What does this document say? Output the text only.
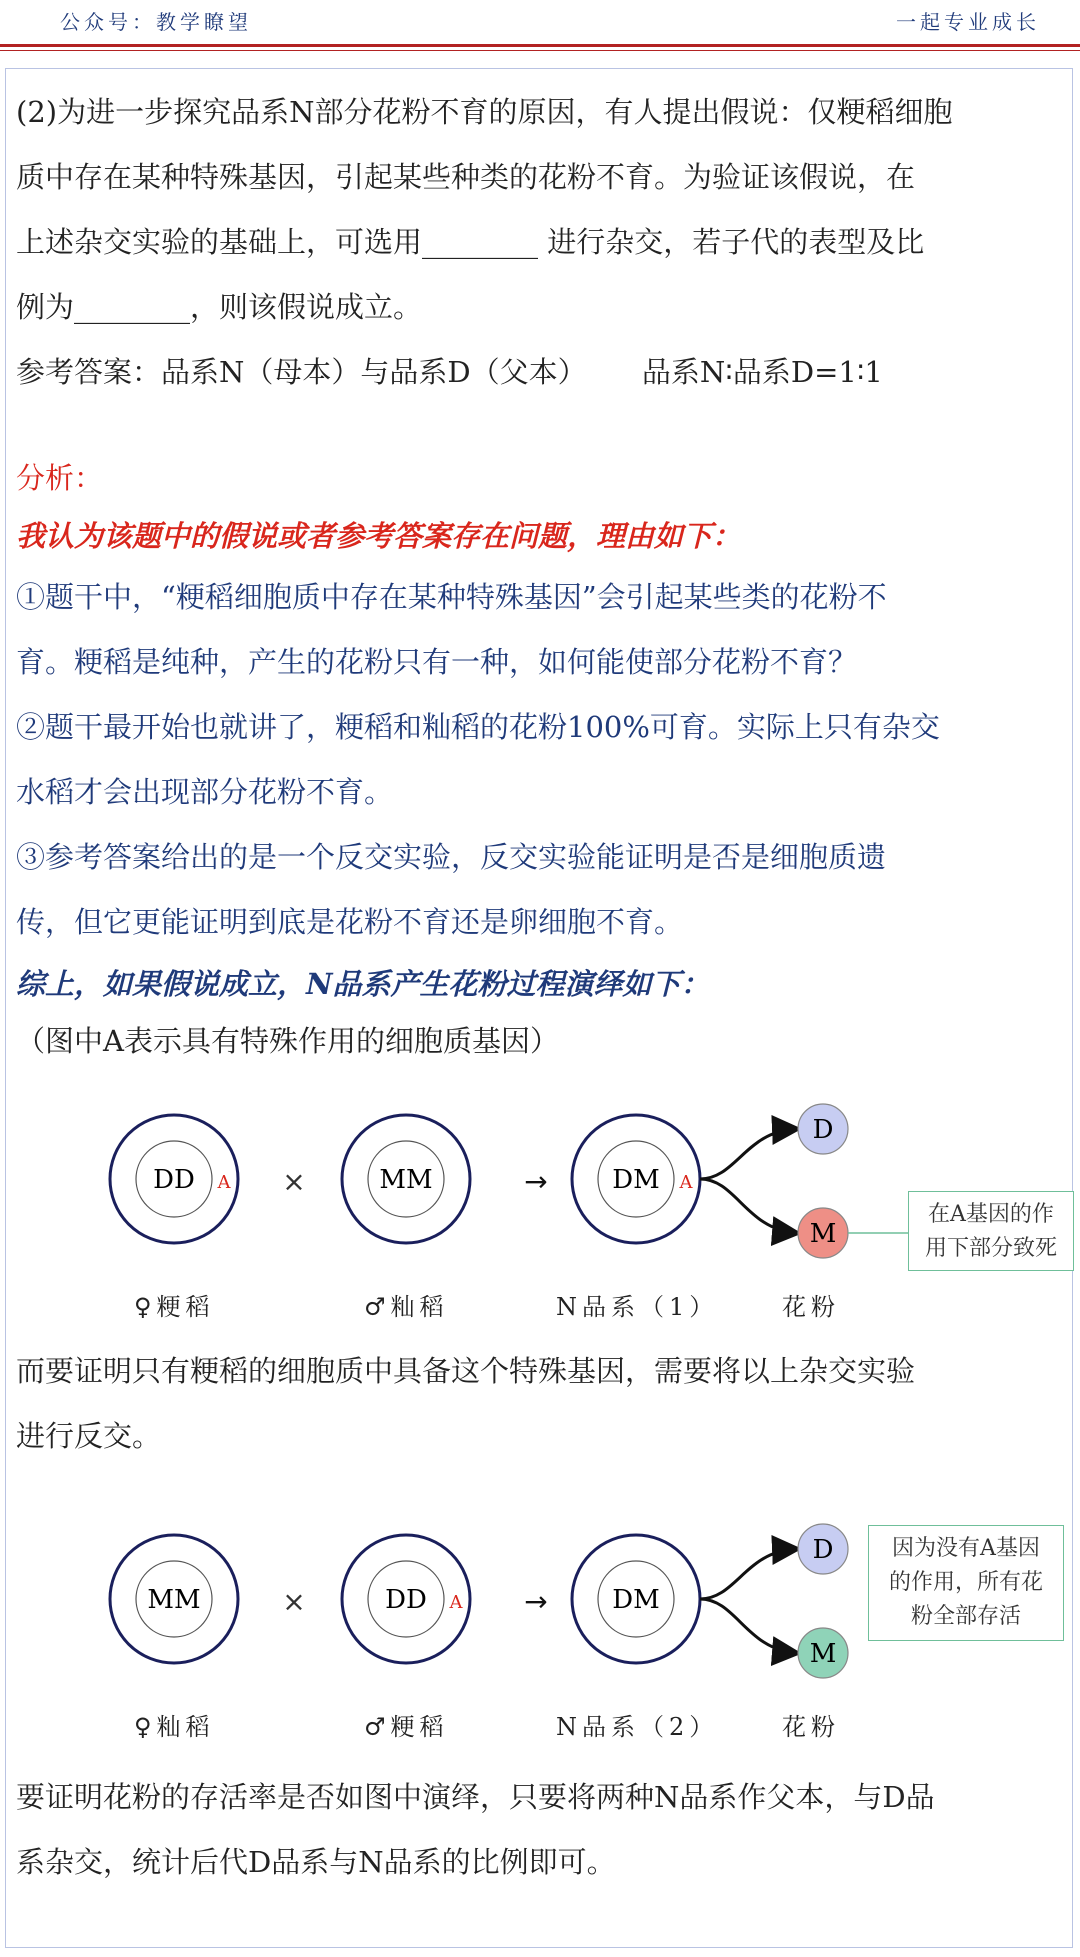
公众号：教学瞭望	一起专业成长
(2)为进一步探究品系N部分花粉不育的原因，有人提出假说：仅粳稻细胞
质中存在某种特殊基因，引起某些种类的花粉不育。为验证该假说，在
上述杂交实验的基础上，可选用________ 进行杂交，若子代的表型及比
例为________，则该假说成立。
参考答案：品系N（母本）与品系D（父本）      品系N∶品系D=1∶1
分析：
我认为该题中的假说或者参考答案存在问题，理由如下：
①题干中，“粳稻细胞质中存在某种特殊基因”会引起某些类的花粉不
育。粳稻是纯种，产生的花粉只有一种，如何能使部分花粉不育？
②题干最开始也就讲了，粳稻和籼稻的花粉100%可育。实际上只有杂交
水稻才会出现部分花粉不育。
③参考答案给出的是一个反交实验，反交实验能证明是否是细胞质遗
传，但它更能证明到底是花粉不育还是卵细胞不育。
综上，如果假说成立，N品系产生花粉过程演绎如下：
（图中A表示具有特殊作用的细胞质基因）
DD A ×	MM	→ DM A
D
M
在A基因的作
用下部分致死
♀粳稻	♂籼稻	N品系（1）	花粉
而要证明只有粳稻的细胞质中具备这个特殊基因，需要将以上杂交实验
进行反交。
MM	×	DD A → DM
D
M
因为没有A基因
的作用，所有花
粉全部存活
♀籼稻	♂粳稻	N品系（2）	花粉
要证明花粉的存活率是否如图中演绎，只要将两种N品系作父本，与D品
系杂交，统计后代D品系与N品系的比例即可。
